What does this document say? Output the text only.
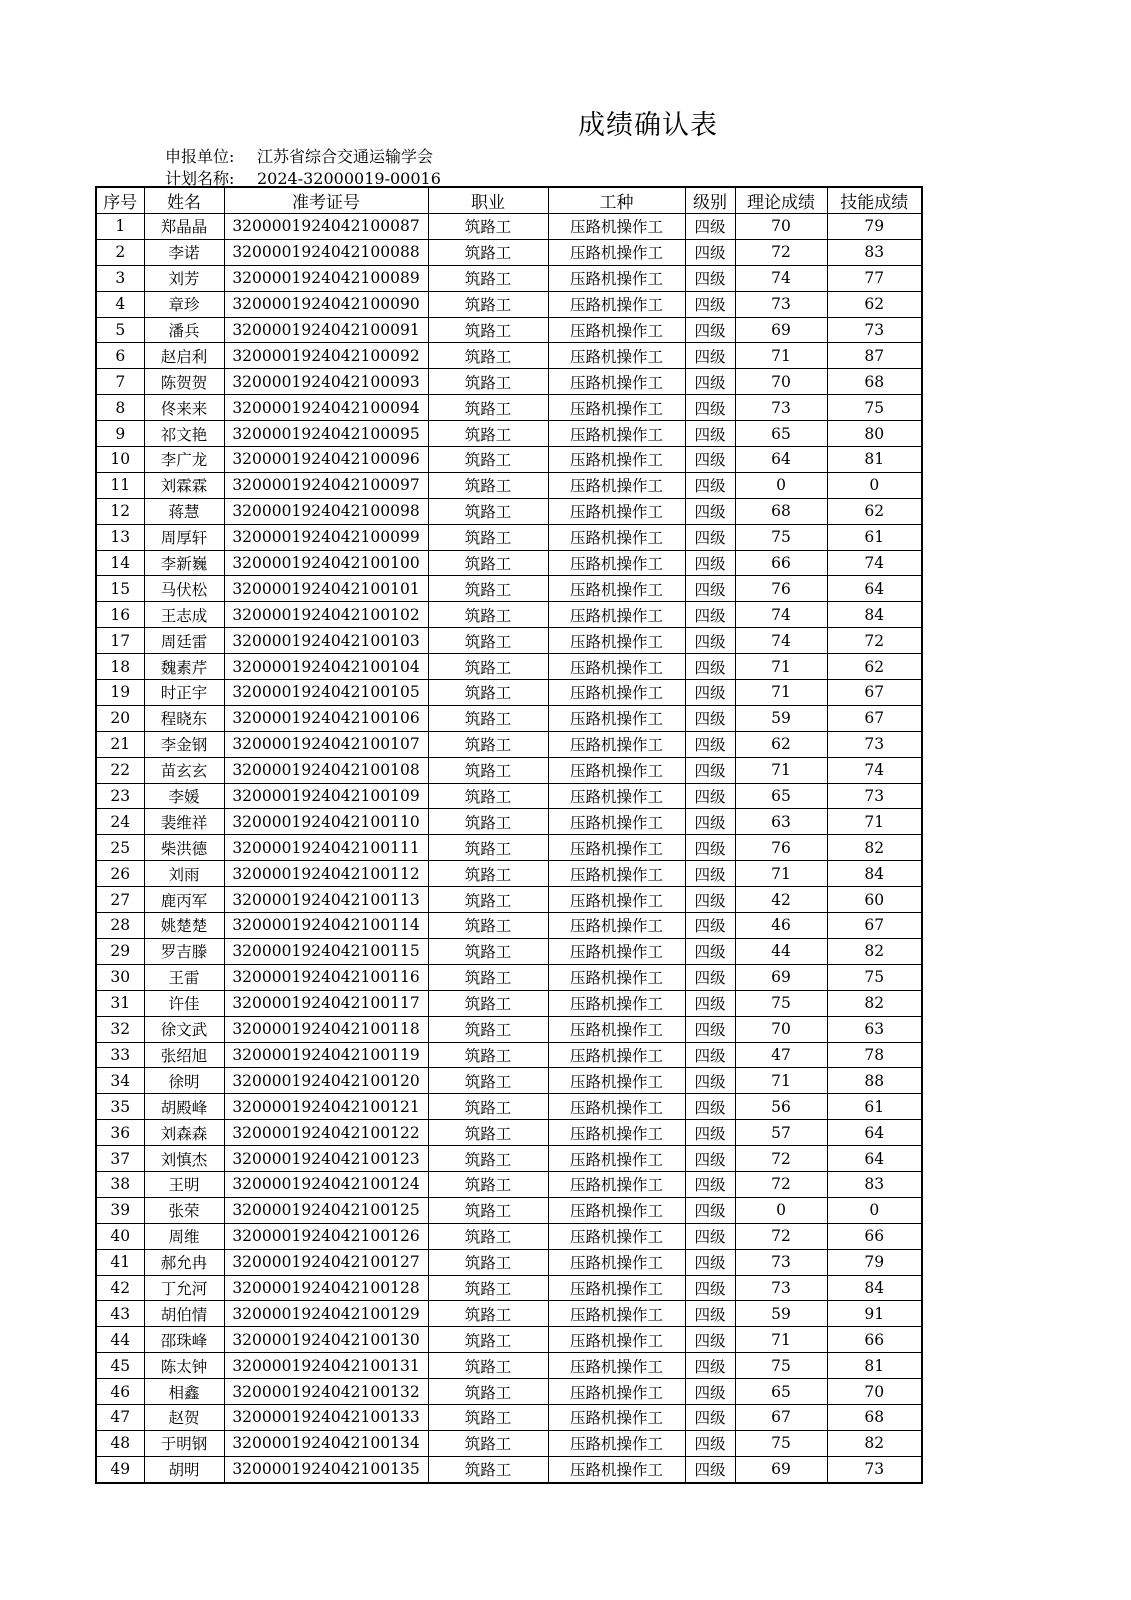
成绩确认表
申报单位: 江苏省综合交通运输学会
计划名称: 2024-32000019-00016
序号	姓名	准考证号	职业	工种	级别	理论成绩	技能成绩
1	郑晶晶	3200001924042100087	筑路工	压路机操作工	四级	70	79
2	李诺	3200001924042100088	筑路工	压路机操作工	四级	72	83
3	刘芳	3200001924042100089	筑路工	压路机操作工	四级	74	77
4	章珍	3200001924042100090	筑路工	压路机操作工	四级	73	62
5	潘兵	3200001924042100091	筑路工	压路机操作工	四级	69	73
6	赵启利	3200001924042100092	筑路工	压路机操作工	四级	71	87
7	陈贺贺	3200001924042100093	筑路工	压路机操作工	四级	70	68
8	佟来来	3200001924042100094	筑路工	压路机操作工	四级	73	75
9	祁文艳	3200001924042100095	筑路工	压路机操作工	四级	65	80
10	李广龙	3200001924042100096	筑路工	压路机操作工	四级	64	81
11	刘霖霖	3200001924042100097	筑路工	压路机操作工	四级	0	0
12	蒋慧	3200001924042100098	筑路工	压路机操作工	四级	68	62
13	周厚轩	3200001924042100099	筑路工	压路机操作工	四级	75	61
14	李新巍	3200001924042100100	筑路工	压路机操作工	四级	66	74
15	马伏松	3200001924042100101	筑路工	压路机操作工	四级	76	64
16	王志成	3200001924042100102	筑路工	压路机操作工	四级	74	84
17	周廷雷	3200001924042100103	筑路工	压路机操作工	四级	74	72
18	魏素芹	3200001924042100104	筑路工	压路机操作工	四级	71	62
19	时正宇	3200001924042100105	筑路工	压路机操作工	四级	71	67
20	程晓东	3200001924042100106	筑路工	压路机操作工	四级	59	67
21	李金钢	3200001924042100107	筑路工	压路机操作工	四级	62	73
22	苗玄玄	3200001924042100108	筑路工	压路机操作工	四级	71	74
23	李媛	3200001924042100109	筑路工	压路机操作工	四级	65	73
24	裴维祥	3200001924042100110	筑路工	压路机操作工	四级	63	71
25	柴洪德	3200001924042100111	筑路工	压路机操作工	四级	76	82
26	刘雨	3200001924042100112	筑路工	压路机操作工	四级	71	84
27	鹿丙军	3200001924042100113	筑路工	压路机操作工	四级	42	60
28	姚楚楚	3200001924042100114	筑路工	压路机操作工	四级	46	67
29	罗吉滕	3200001924042100115	筑路工	压路机操作工	四级	44	82
30	王雷	3200001924042100116	筑路工	压路机操作工	四级	69	75
31	许佳	3200001924042100117	筑路工	压路机操作工	四级	75	82
32	徐文武	3200001924042100118	筑路工	压路机操作工	四级	70	63
33	张绍旭	3200001924042100119	筑路工	压路机操作工	四级	47	78
34	徐明	3200001924042100120	筑路工	压路机操作工	四级	71	88
35	胡殿峰	3200001924042100121	筑路工	压路机操作工	四级	56	61
36	刘森森	3200001924042100122	筑路工	压路机操作工	四级	57	64
37	刘慎杰	3200001924042100123	筑路工	压路机操作工	四级	72	64
38	王明	3200001924042100124	筑路工	压路机操作工	四级	72	83
39	张荣	3200001924042100125	筑路工	压路机操作工	四级	0	0
40	周维	3200001924042100126	筑路工	压路机操作工	四级	72	66
41	郝允冉	3200001924042100127	筑路工	压路机操作工	四级	73	79
42	丁允河	3200001924042100128	筑路工	压路机操作工	四级	73	84
43	胡伯情	3200001924042100129	筑路工	压路机操作工	四级	59	91
44	邵珠峰	3200001924042100130	筑路工	压路机操作工	四级	71	66
45	陈太钟	3200001924042100131	筑路工	压路机操作工	四级	75	81
46	相鑫	3200001924042100132	筑路工	压路机操作工	四级	65	70
47	赵贺	3200001924042100133	筑路工	压路机操作工	四级	67	68
48	于明钢	3200001924042100134	筑路工	压路机操作工	四级	75	82
49	胡明	3200001924042100135	筑路工	压路机操作工	四级	69	73
